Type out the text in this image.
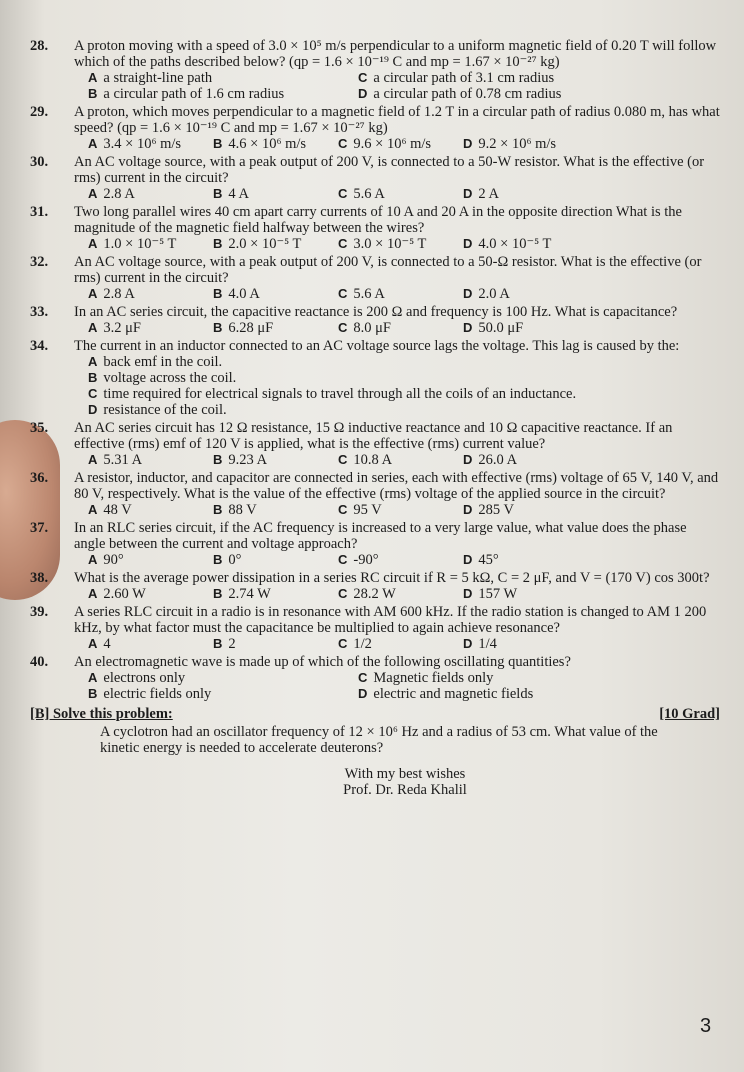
28.	A proton moving with a speed of 3.0 × 10⁵ m/s perpendicular to a uniform magnetic field of 0.20 T will follow which of the paths described below? (qp = 1.6 × 10⁻¹⁹ C and mp = 1.67 × 10⁻²⁷ kg)
A a straight-line path	C a circular path of 3.1 cm radius
B a circular path of 1.6 cm radius	D a circular path of 0.78 cm radius
29.	A proton, which moves perpendicular to a magnetic field of 1.2 T in a circular path of radius 0.080 m, has what speed? (qp = 1.6 × 10⁻¹⁹ C and mp = 1.67 × 10⁻²⁷ kg)
A 3.4 × 10⁶ m/s	B 4.6 × 10⁶ m/s	C 9.6 × 10⁶ m/s	D 9.2 × 10⁶ m/s
30.	An AC voltage source, with a peak output of 200 V, is connected to a 50-W resistor. What is the effective (or rms) current in the circuit?
A 2.8 A	B 4 A	C 5.6 A	D 2 A
31.	Two long parallel wires 40 cm apart carry currents of 10 A and 20 A in the opposite direction What is the magnitude of the magnetic field halfway between the wires?
A 1.0 × 10⁻⁵ T	B 2.0 × 10⁻⁵ T	C 3.0 × 10⁻⁵ T	D 4.0 × 10⁻⁵ T
32.	An AC voltage source, with a peak output of 200 V, is connected to a 50-Ω resistor. What is the effective (or rms) current in the circuit?
A 2.8 A	B 4.0 A	C 5.6 A	D 2.0 A
33.	In an AC series circuit, the capacitive reactance is 200 Ω and frequency is 100 Hz. What is capacitance?
A 3.2 μF	B 6.28 μF	C 8.0 μF	D 50.0 μF
34.	The current in an inductor connected to an AC voltage source lags the voltage. This lag is caused by the:
A back emf in the coil.
B voltage across the coil.
C time required for electrical signals to travel through all the coils of an inductance.
D resistance of the coil.
35.	An AC series circuit has 12 Ω resistance, 15 Ω inductive reactance and 10 Ω capacitive reactance. If an effective (rms) emf of 120 V is applied, what is the effective (rms) current value?
A 5.31 A	B 9.23 A	C 10.8 A	D 26.0 A
36.	A resistor, inductor, and capacitor are connected in series, each with effective (rms) voltage of 65 V, 140 V, and 80 V, respectively. What is the value of the effective (rms) voltage of the applied source in the circuit?
A 48 V	B 88 V	C 95 V	D 285 V
37.	In an RLC series circuit, if the AC frequency is increased to a very large value, what value does the phase angle between the current and voltage approach?
A 90°	B 0°	C -90°	D 45°
38.	What is the average power dissipation in a series RC circuit if R = 5 kΩ, C = 2 μF, and V = (170 V) cos 300t?
A 2.60 W	B 2.74 W	C 28.2 W	D 157 W
39.	A series RLC circuit in a radio is in resonance with AM 600 kHz. If the radio station is changed to AM 1 200 kHz, by what factor must the capacitance be multiplied to again achieve resonance?
A 4	B 2	C 1/2	D 1/4
40.	An electromagnetic wave is made up of which of the following oscillating quantities?
A electrons only	C Magnetic fields only
B electric fields only	D electric and magnetic fields
[B] Solve this problem:	[10 Grad]
A cyclotron had an oscillator frequency of 12 × 10⁶ Hz and a radius of 53 cm. What value of the kinetic energy is needed to accelerate deuterons?
With my best wishes
Prof. Dr. Reda Khalil
3
